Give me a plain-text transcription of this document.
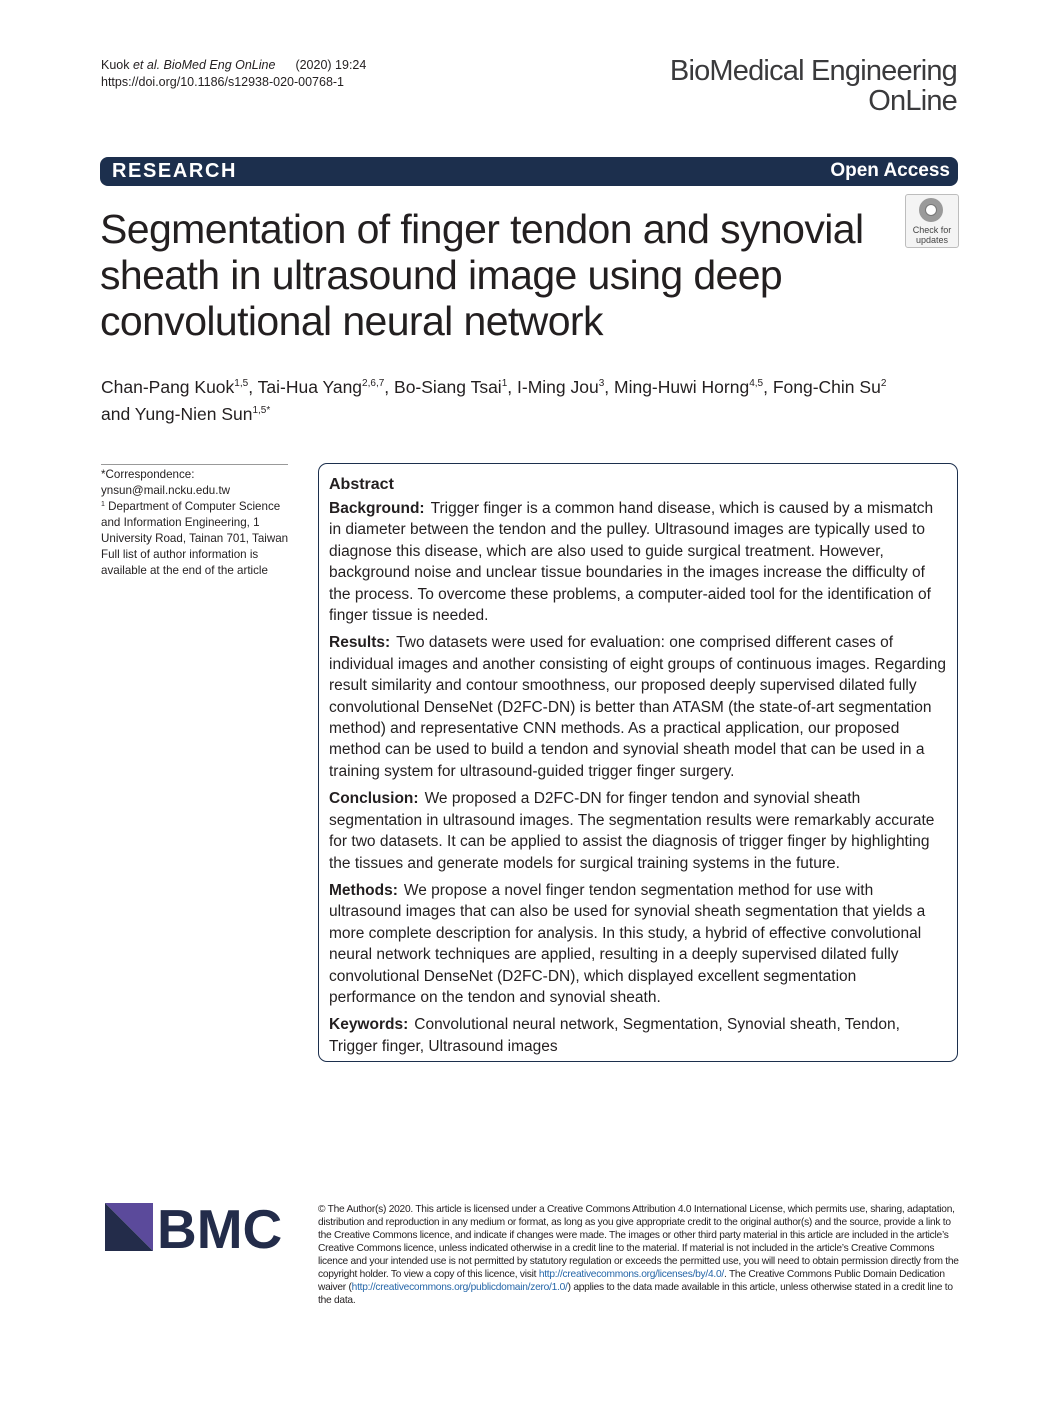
Kuok et al. BioMed Eng OnLine (2020) 19:24
https://doi.org/10.1186/s12938-020-00768-1	BioMedical Engineering
OnLine
RESEARCH	Open Access
Check for
updates
Segmentation of finger tendon and synovial sheath in ultrasound image using deep convolutional neural network
Chan-Pang Kuok$^{1,5}$, Tai-Hua Yang$^{2,6,7}$, Bo-Siang Tsai$^1$, I-Ming Jou$^3$, Ming-Huwi Horng$^{4,5}$, Fong-Chin Su$^2$
and Yung-Nien Sun$^{1,5*}$
*Correspondence:
ynsun@mail.ncku.edu.tw
$^1$ Department of Computer Science and Information Engineering, 1 University Road, Tainan 701, Taiwan
Full list of author information is available at the end of the article
Abstract

Background: Trigger finger is a common hand disease, which is caused by a mismatch in diameter between the tendon and the pulley. Ultrasound images are typically used to diagnose this disease, which are also used to guide surgical treatment. However, background noise and unclear tissue boundaries in the images increase the difficulty of the process. To overcome these problems, a computer-aided tool for the identification of finger tissue is needed.

Results: Two datasets were used for evaluation: one comprised different cases of individual images and another consisting of eight groups of continuous images. Regarding result similarity and contour smoothness, our proposed deeply supervised dilated fully convolutional DenseNet (D2FC-DN) is better than ATASM (the state-of-art segmentation method) and representative CNN methods. As a practical application, our proposed method can be used to build a tendon and synovial sheath model that can be used in a training system for ultrasound-guided trigger finger surgery.

Conclusion: We proposed a D2FC-DN for finger tendon and synovial sheath segmentation in ultrasound images. The segmentation results were remarkably accurate for two datasets. It can be applied to assist the diagnosis of trigger finger by highlighting the tissues and generate models for surgical training systems in the future.

Methods: We propose a novel finger tendon segmentation method for use with ultrasound images that can also be used for synovial sheath segmentation that yields a more complete description for analysis. In this study, a hybrid of effective convolutional neural network techniques are applied, resulting in a deeply supervised dilated fully convolutional DenseNet (D2FC-DN), which displayed excellent segmentation performance on the tendon and synovial sheath.

Keywords: Convolutional neural network, Segmentation, Synovial sheath, Tendon, Trigger finger, Ultrasound images

BMC	© The Author(s) 2020. This article is licensed under a Creative Commons Attribution 4.0 International License, which permits use, sharing, adaptation, distribution and reproduction in any medium or format, as long as you give appropriate credit to the original author(s) and the source, provide a link to the Creative Commons licence, and indicate if changes were made. The images or other third party material in this article are included in the article’s Creative Commons licence, unless indicated otherwise in a credit line to the material. If material is not included in the article’s Creative Commons licence and your intended use is not permitted by statutory regulation or exceeds the permitted use, you will need to obtain permission directly from the copyright holder. To view a copy of this licence, visit http://creativecommons.org/licenses/by/4.0/. The Creative Commons Public Domain Dedication waiver (http://creativecommons.org/publicdomain/zero/1.0/) applies to the data made available in this article, unless otherwise stated in a credit line to the data.
